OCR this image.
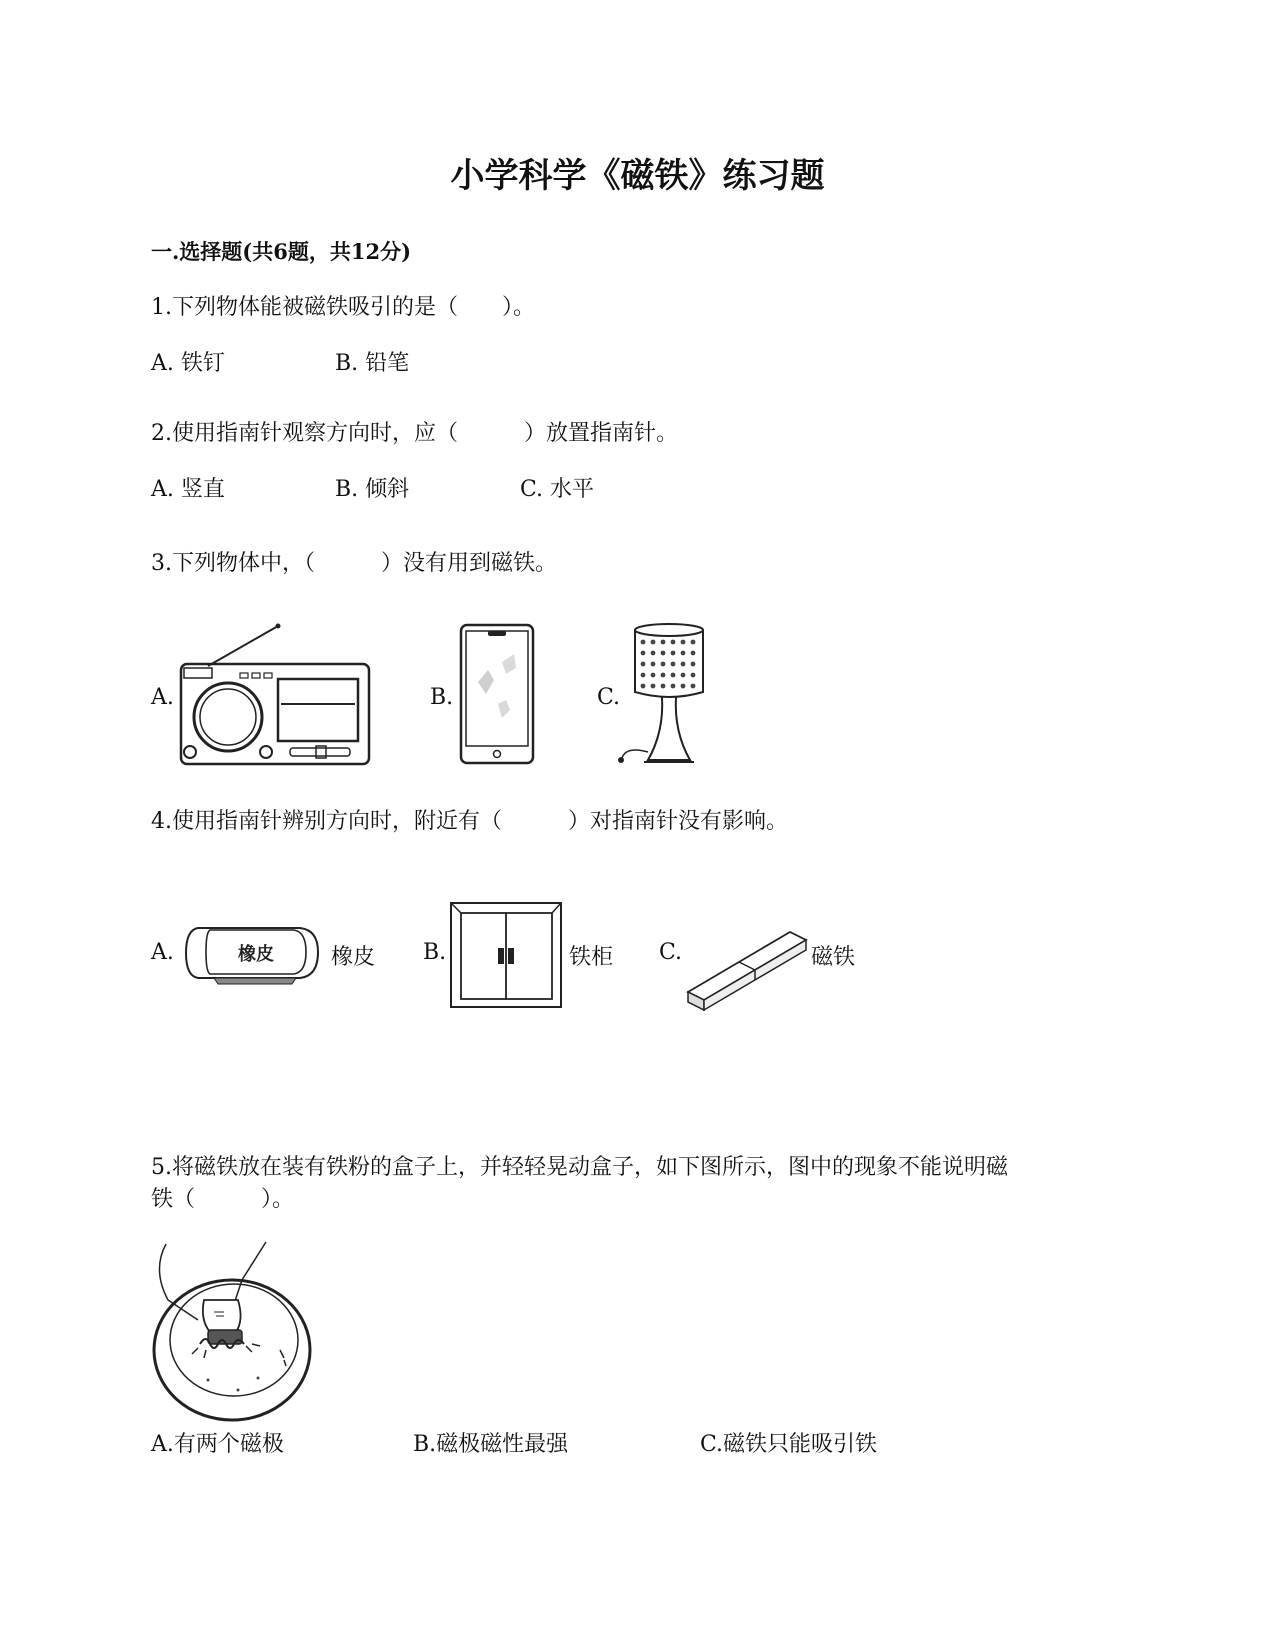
小学科学《磁铁》练习题
一.选择题(共6题，共12分)
1.下列物体能被磁铁吸引的是（　　）。
A. 铁钉	B. 铅笔
2.使用指南针观察方向时，应（　　　）放置指南针。
A. 竖直	B. 倾斜	C. 水平
3.下列物体中，（　　　）没有用到磁铁。
A.	B.	C.
4.使用指南针辨别方向时，附近有（　　　）对指南针没有影响。
A.	橡皮	橡皮 B.	铁柜 C.	磁铁
5.将磁铁放在装有铁粉的盒子上，并轻轻晃动盒子，如下图所示，图中的现象不能说明磁
铁（　　　）。
A.有两个磁极	B.磁极磁性最强	C.磁铁只能吸引铁
